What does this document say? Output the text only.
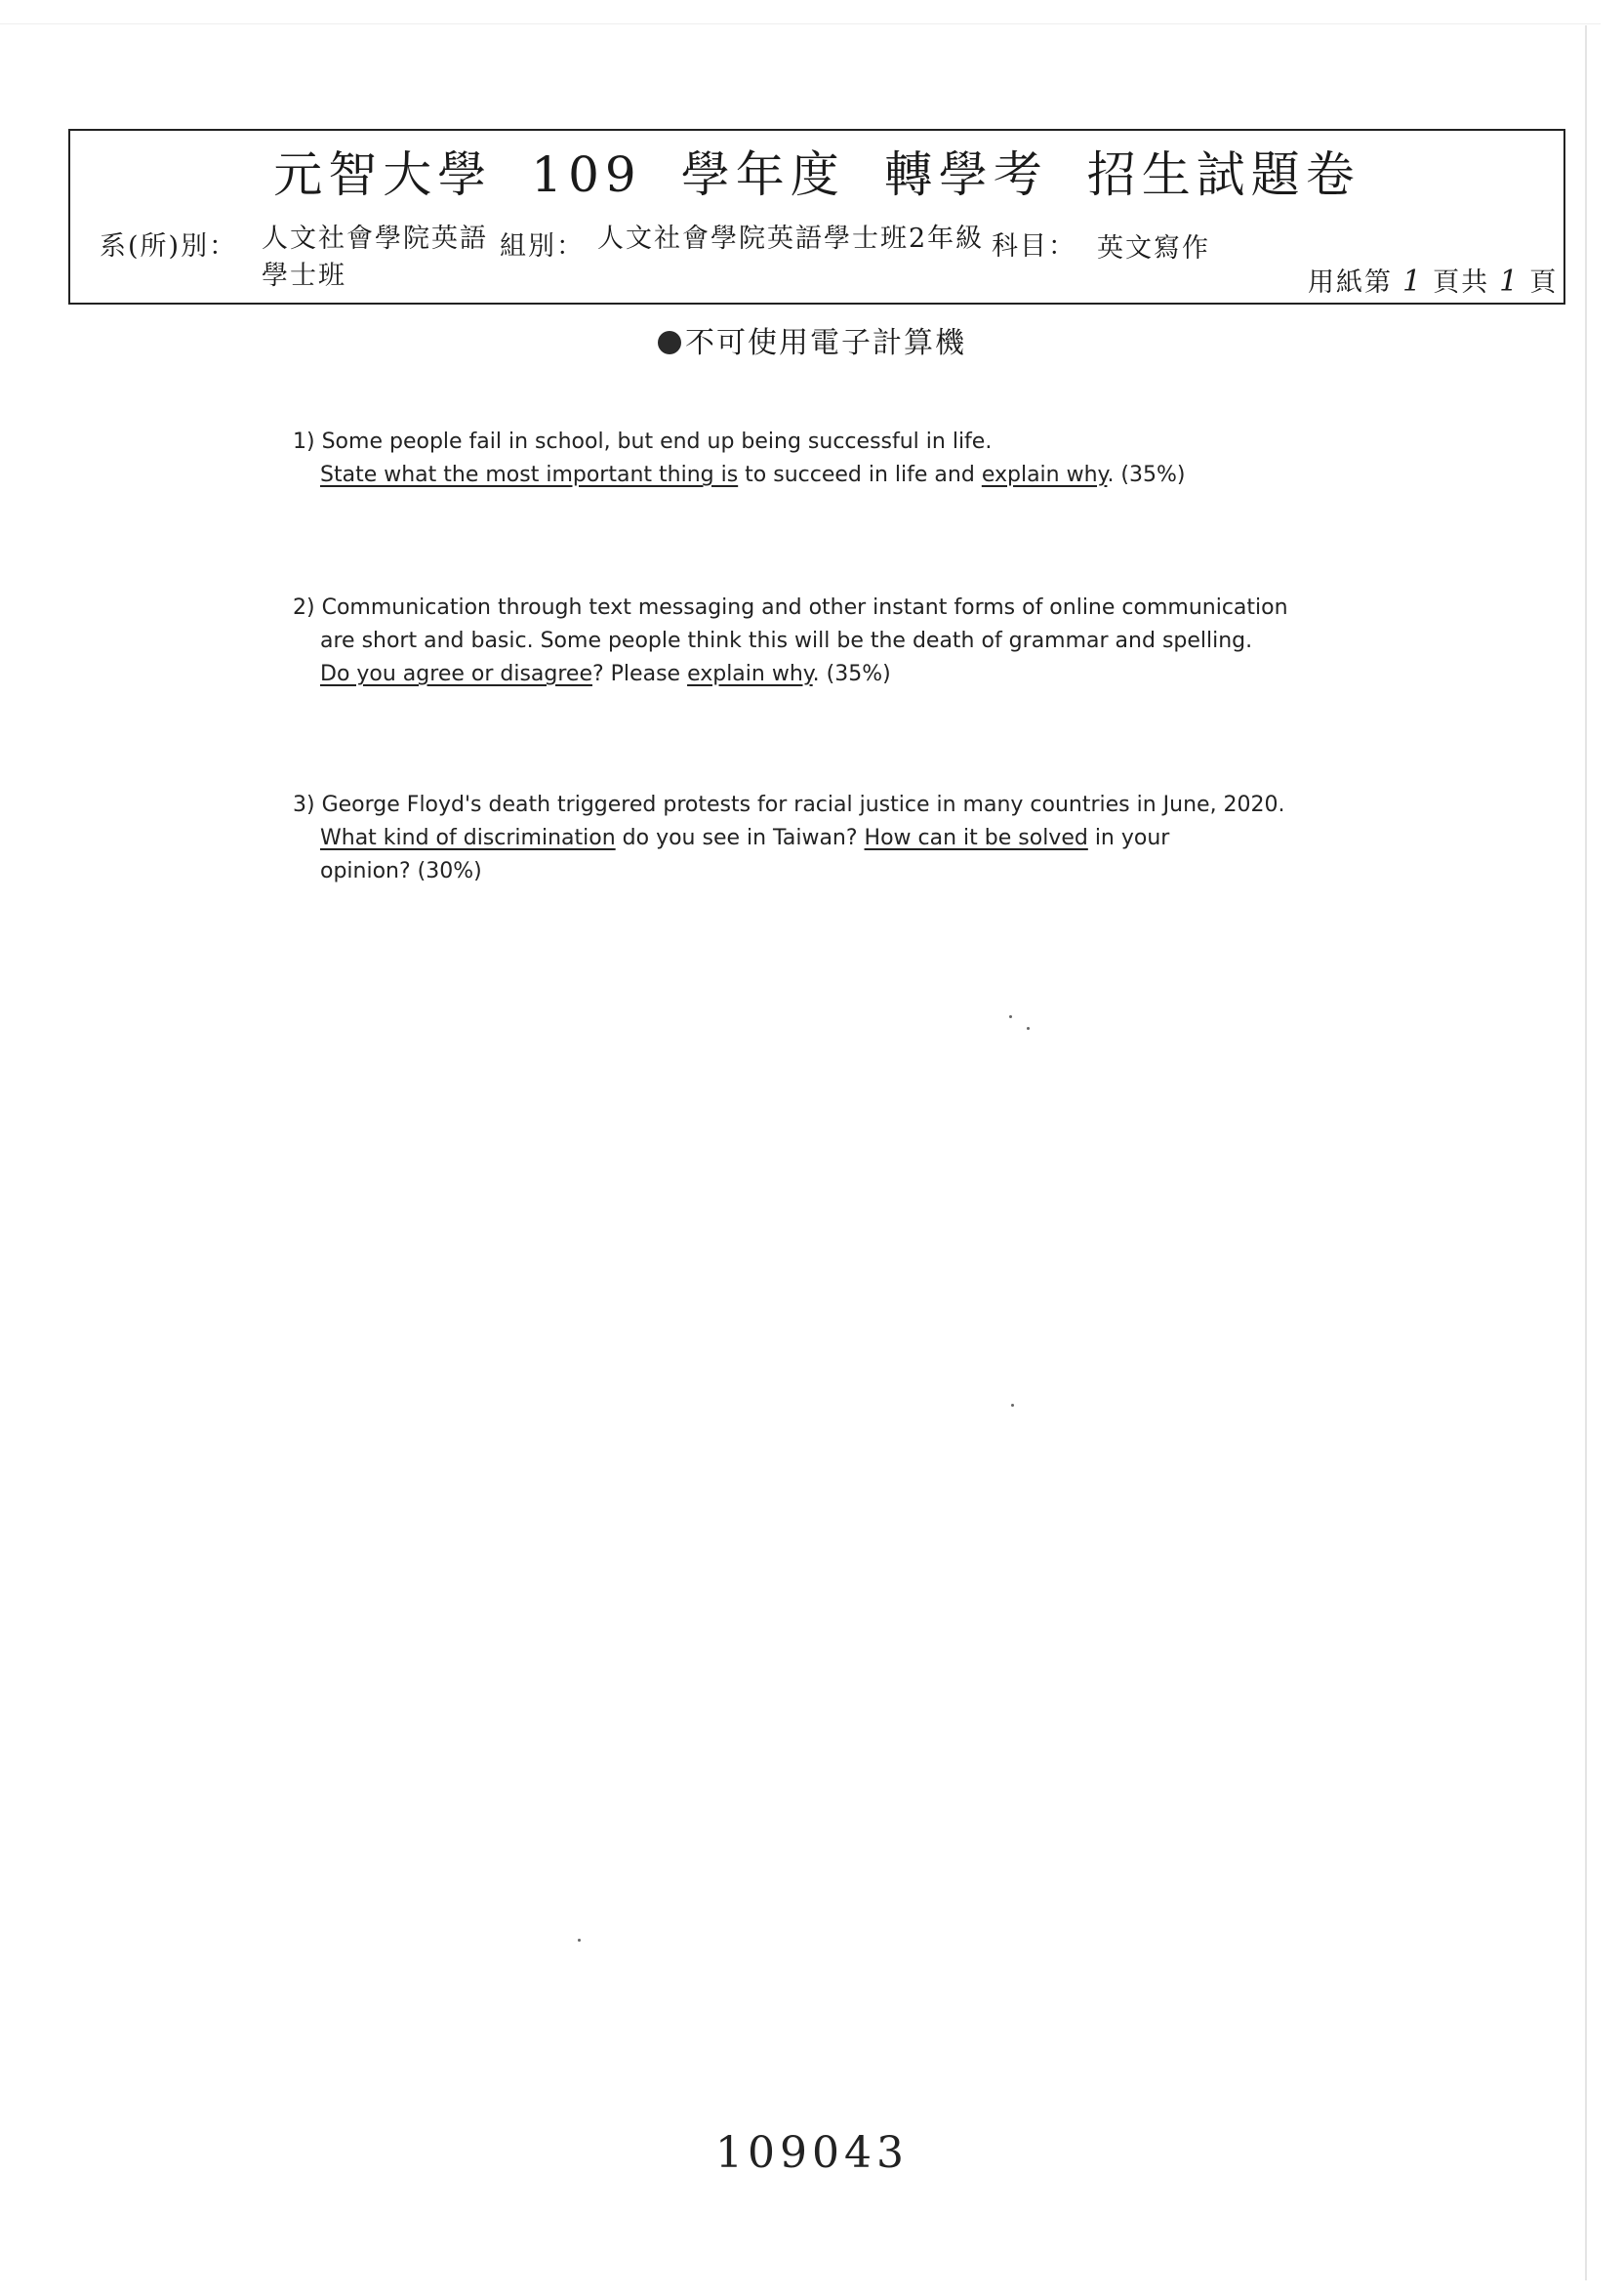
元智大學 109 學年度 轉學考 招生試題卷
系(所)別： 人文社會學院英語學士班
組別： 人文社會學院英語學士班2年級 科目： 英文寫作
用紙第 1 頁共 1 頁
不可使用電子計算機
1) Some people fail in school, but end up being successful in life.
State what the most important thing is to succeed in life and explain why. (35%)
2) Communication through text messaging and other instant forms of online communication
are short and basic. Some people think this will be the death of grammar and spelling.
Do you agree or disagree? Please explain why. (35%)
3) George Floyd's death triggered protests for racial justice in many countries in June, 2020.
What kind of discrimination do you see in Taiwan? How can it be solved in your
opinion? (30%)
109043
